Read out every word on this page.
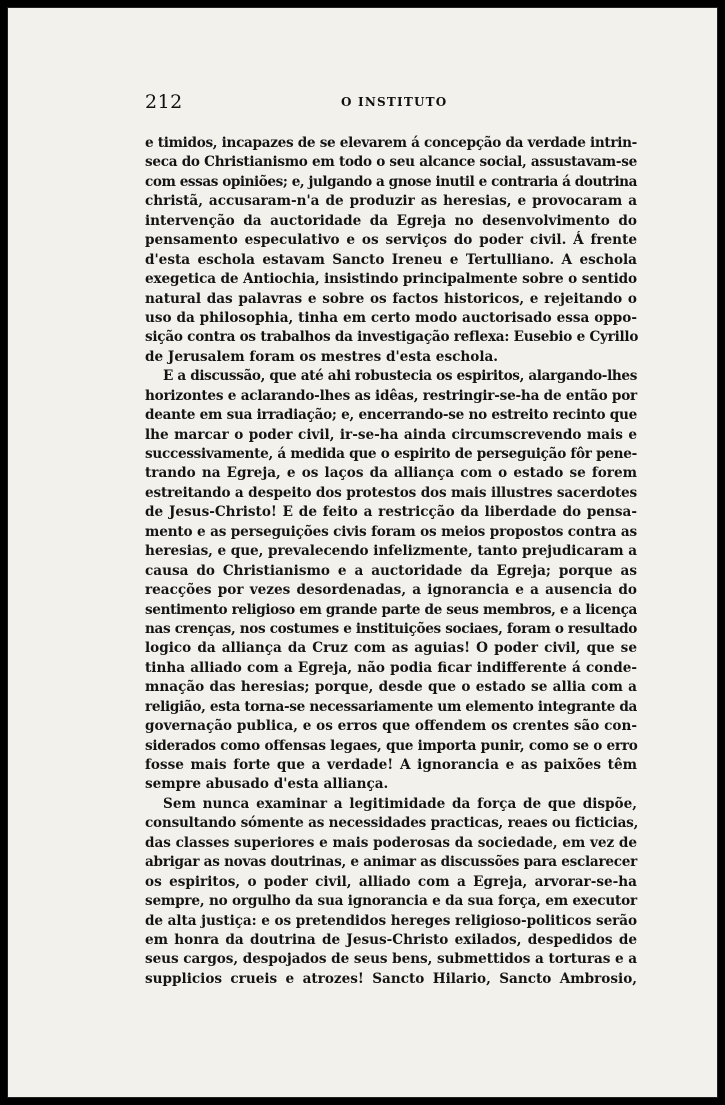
212	O INSTITUTO
e timidos, incapazes de se elevarem á concepção da verdade intrin-
seca do Christianismo em todo o seu alcance social, assustavam-se
com essas opiniões; e, julgando a gnose inutil e contraria á doutrina
christã, accusaram-n'a de produzir as heresias, e provocaram a
intervenção da auctoridade da Egreja no desenvolvimento do
pensamento especulativo e os serviços do poder civil. Á frente
d'esta eschola estavam Sancto Ireneu e Tertulliano. A eschola
exegetica de Antiochia, insistindo principalmente sobre o sentido
natural das palavras e sobre os factos historicos, e rejeitando o
uso da philosophia, tinha em certo modo auctorisado essa oppo-
sição contra os trabalhos da investigação reflexa: Eusebio e Cyrillo
de Jerusalem foram os mestres d'esta eschola.
E a discussão, que até ahi robustecia os espiritos, alargando-lhes
horizontes e aclarando-lhes as idêas, restringir-se-ha de então por
deante em sua irradiação; e, encerrando-se no estreito recinto que
lhe marcar o poder civil, ir-se-ha ainda circumscrevendo mais e
successivamente, á medida que o espirito de perseguição fôr pene-
trando na Egreja, e os laços da alliança com o estado se forem
estreitando a despeito dos protestos dos mais illustres sacerdotes
de Jesus-Christo! E de feito a restricção da liberdade do pensa-
mento e as perseguições civis foram os meios propostos contra as
heresias, e que, prevalecendo infelizmente, tanto prejudicaram a
causa do Christianismo e a auctoridade da Egreja; porque as
reacções por vezes desordenadas, a ignorancia e a ausencia do
sentimento religioso em grande parte de seus membros, e a licença
nas crenças, nos costumes e instituições sociaes, foram o resultado
logico da alliança da Cruz com as aguias! O poder civil, que se
tinha alliado com a Egreja, não podia ficar indifferente á conde-
mnação das heresias; porque, desde que o estado se allia com a
religião, esta torna-se necessariamente um elemento integrante da
governação publica, e os erros que offendem os crentes são con-
siderados como offensas legaes, que importa punir, como se o erro
fosse mais forte que a verdade! A ignorancia e as paixões têm
sempre abusado d'esta alliança.
Sem nunca examinar a legitimidade da força de que dispõe,
consultando sómente as necessidades practicas, reaes ou ficticias,
das classes superiores e mais poderosas da sociedade, em vez de
abrigar as novas doutrinas, e animar as discussões para esclarecer
os espiritos, o poder civil, alliado com a Egreja, arvorar-se-ha
sempre, no orgulho da sua ignorancia e da sua força, em executor
de alta justiça: e os pretendidos hereges religioso-politicos serão
em honra da doutrina de Jesus-Christo exilados, despedidos de
seus cargos, despojados de seus bens, submettidos a torturas e a
supplicios crueis e atrozes! Sancto Hilario, Sancto Ambrosio,
